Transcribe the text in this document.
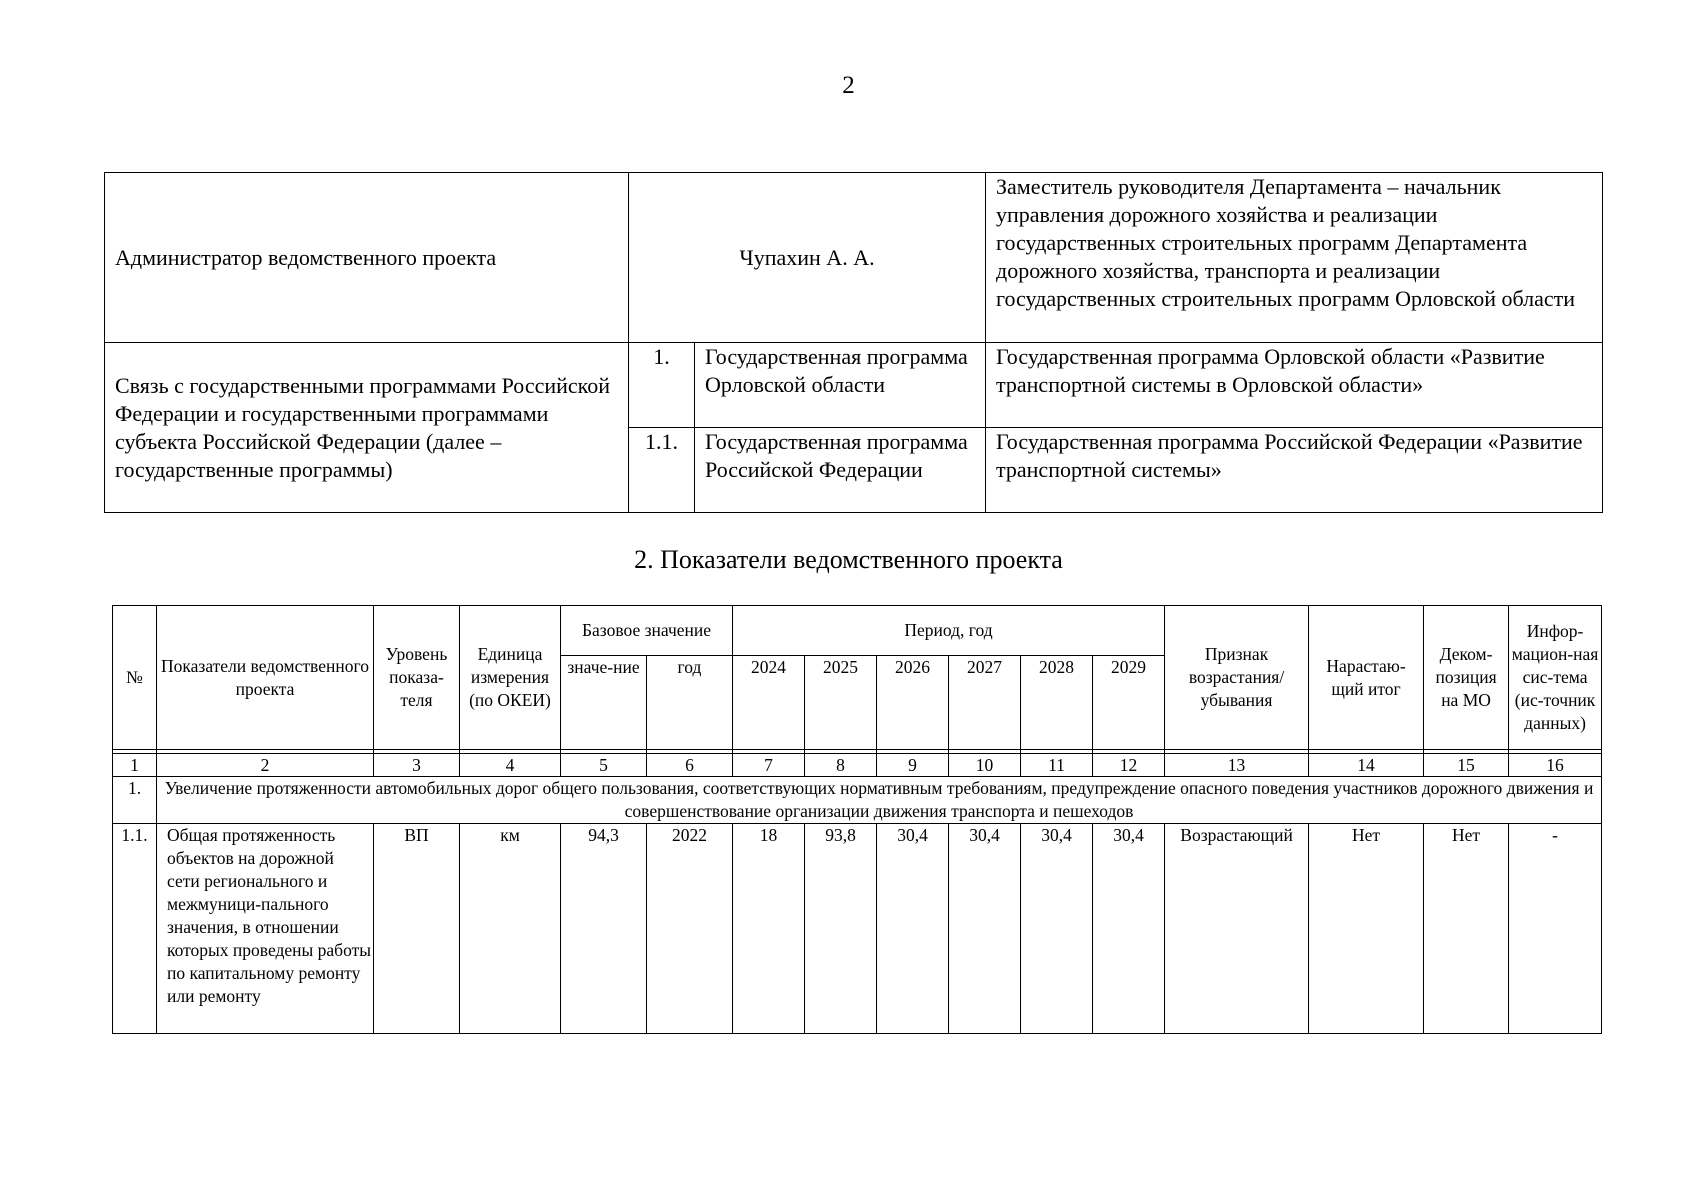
2
Администратор ведомственного проекта	Чупахин А. А.		Заместитель руководителя Департамента – начальник управления дорожного хозяйства и реализации государственных строительных программ Департамента дорожного хозяйства, транспорта и реализации государственных строительных программ Орловской области
Связь с государственными программами Российской Федерации и государственными программами субъекта Российской Федерации (далее – государственные программы)	1.	Государственная программа Орловской области	Государственная программа Орловской области «Развитие транспортной системы в Орловской области»
	1.1.	Государственная программа Российской Федерации	Государственная программа Российской Федерации «Развитие транспортной системы»
2. Показатели ведомственного проекта
№	Показатели ведомственного проекта	Уровень показа-теля	Единица измерения (по ОКЕИ)	Базовое значение		Период, год						Признак возрастания/ убывания	Нарастаю-щий итог	Деком-позиция на МО	Инфор-мацион-ная сис-тема (ис-точник данных)
				значе-ние	год	2024	2025	2026	2027	2028	2029				

1	2	3	4	5	6	7	8	9	10	11	12	13	14	15	16
1.	Увеличение протяженности автомобильных дорог общего пользования, соответствующих нормативным требованиям, предупреждение опасного поведения участников дорожного движения и совершенствование организации движения транспорта и пешеходов														
1.1.	Общая протяженность объектов на дорожной сети регионального и межмуници-пального значения, в отношении которых проведены работы по капитальному ремонту или ремонту	ВП	км	94,3	2022	18	93,8	30,4	30,4	30,4	30,4	Возрастающий	Нет	Нет	-
